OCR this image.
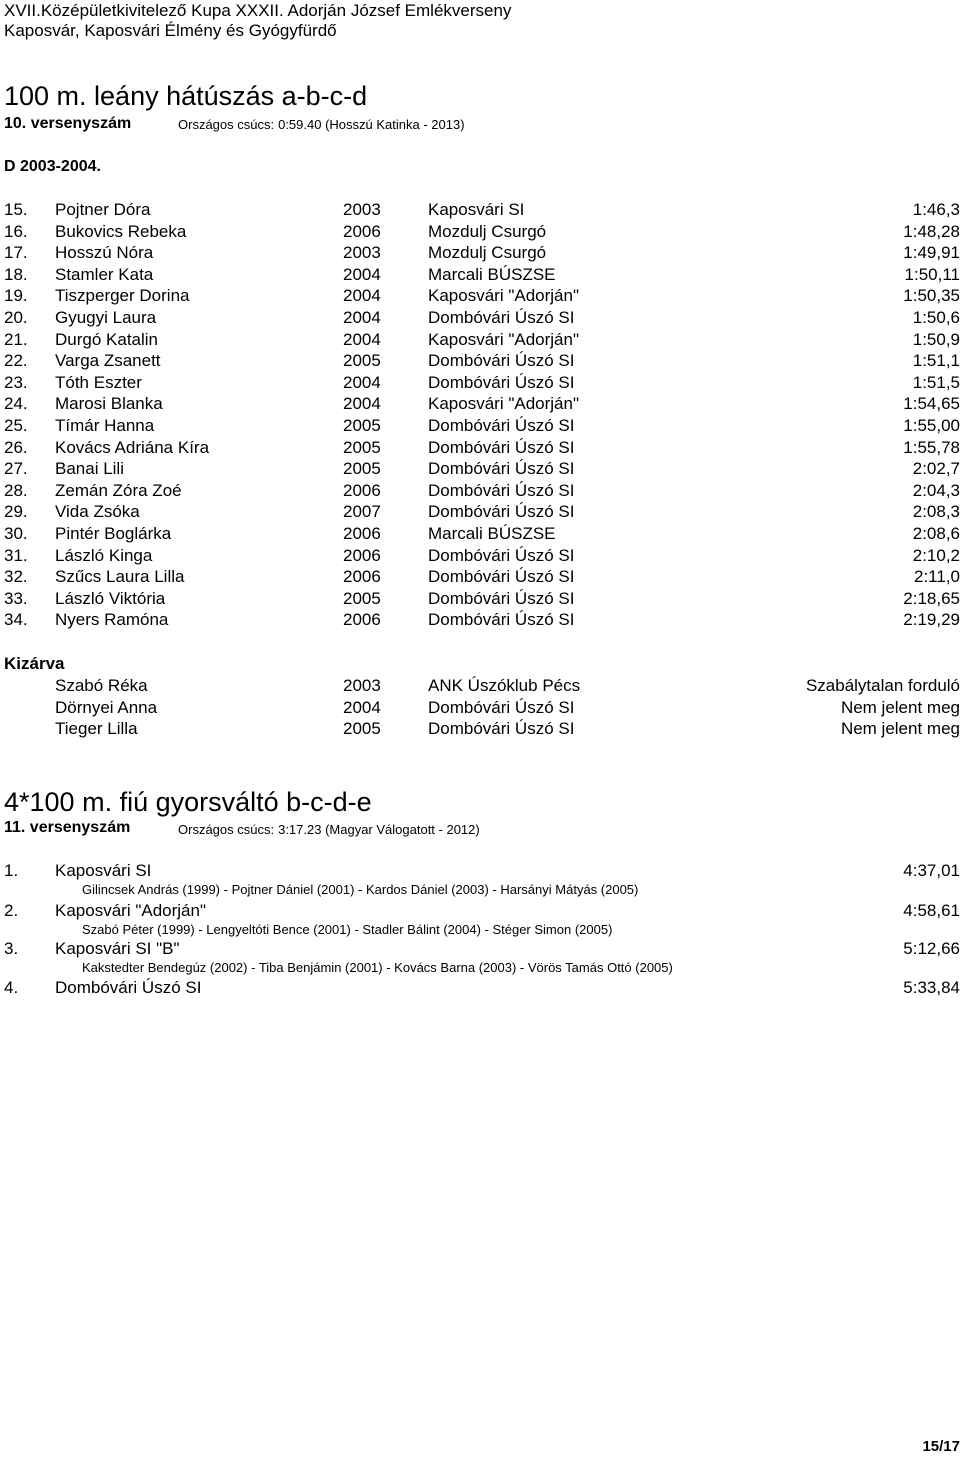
XVII.Középületkivitelező Kupa XXXII. Adorján József Emlékverseny
Kaposvár, Kaposvári Élmény és Gyógyfürdő
100 m. leány hátúszás a-b-c-d
10. versenyszám	Országos csúcs: 0:59.40 (Hosszú Katinka - 2013)
D 2003-2004.
15. Pojtner Dóra	2003	Kaposvári SI	1:46,3
16. Bukovics Rebeka	2006	Mozdulj Csurgó	1:48,28
17. Hosszú Nóra	2003	Mozdulj Csurgó	1:49,91
18. Stamler Kata	2004	Marcali BÚSZSE	1:50,11
19. Tiszperger Dorina	2004	Kaposvári "Adorján"	1:50,35
20. Gyugyi Laura	2004	Dombóvári Úszó SI	1:50,6
21. Durgó Katalin	2004	Kaposvári "Adorján"	1:50,9
22. Varga Zsanett	2005	Dombóvári Úszó SI	1:51,1
23. Tóth Eszter	2004	Dombóvári Úszó SI	1:51,5
24. Marosi Blanka	2004	Kaposvári "Adorján"	1:54,65
25. Tímár Hanna	2005	Dombóvári Úszó SI	1:55,00
26. Kovács Adriána Kíra	2005	Dombóvári Úszó SI	1:55,78
27. Banai Lili	2005	Dombóvári Úszó SI	2:02,7
28. Zemán Zóra Zoé	2006	Dombóvári Úszó SI	2:04,3
29. Vida Zsóka	2007	Dombóvári Úszó SI	2:08,3
30. Pintér Boglárka	2006	Marcali BÚSZSE	2:08,6
31. László Kinga	2006	Dombóvári Úszó SI	2:10,2
32. Szűcs Laura Lilla	2006	Dombóvári Úszó SI	2:11,0
33. László Viktória	2005	Dombóvári Úszó SI	2:18,65
34. Nyers Ramóna	2006	Dombóvári Úszó SI	2:19,29
Kizárva
Szabó Réka	2003	ANK Úszóklub Pécs	Szabálytalan forduló
Dörnyei Anna	2004	Dombóvári Úszó SI	Nem jelent meg
Tieger Lilla	2005	Dombóvári Úszó SI	Nem jelent meg
4*100 m. fiú gyorsváltó b-c-d-e
11. versenyszám	Országos csúcs: 3:17.23 (Magyar Válogatott - 2012)
1. Kaposvári SI	4:37,01
Gilincsek András (1999) - Pojtner Dániel (2001) - Kardos Dániel (2003) - Harsányi Mátyás (2005)
2. Kaposvári "Adorján"	4:58,61
Szabó Péter (1999) - Lengyeltóti Bence (2001) - Stadler Bálint (2004) - Stéger Simon (2005)
3. Kaposvári SI "B"	5:12,66
Kakstedter Bendegúz (2002) - Tiba Benjámin (2001) - Kovács Barna (2003) - Vörös Tamás Ottó (2005)
4. Dombóvári Úszó SI	5:33,84
15/17
